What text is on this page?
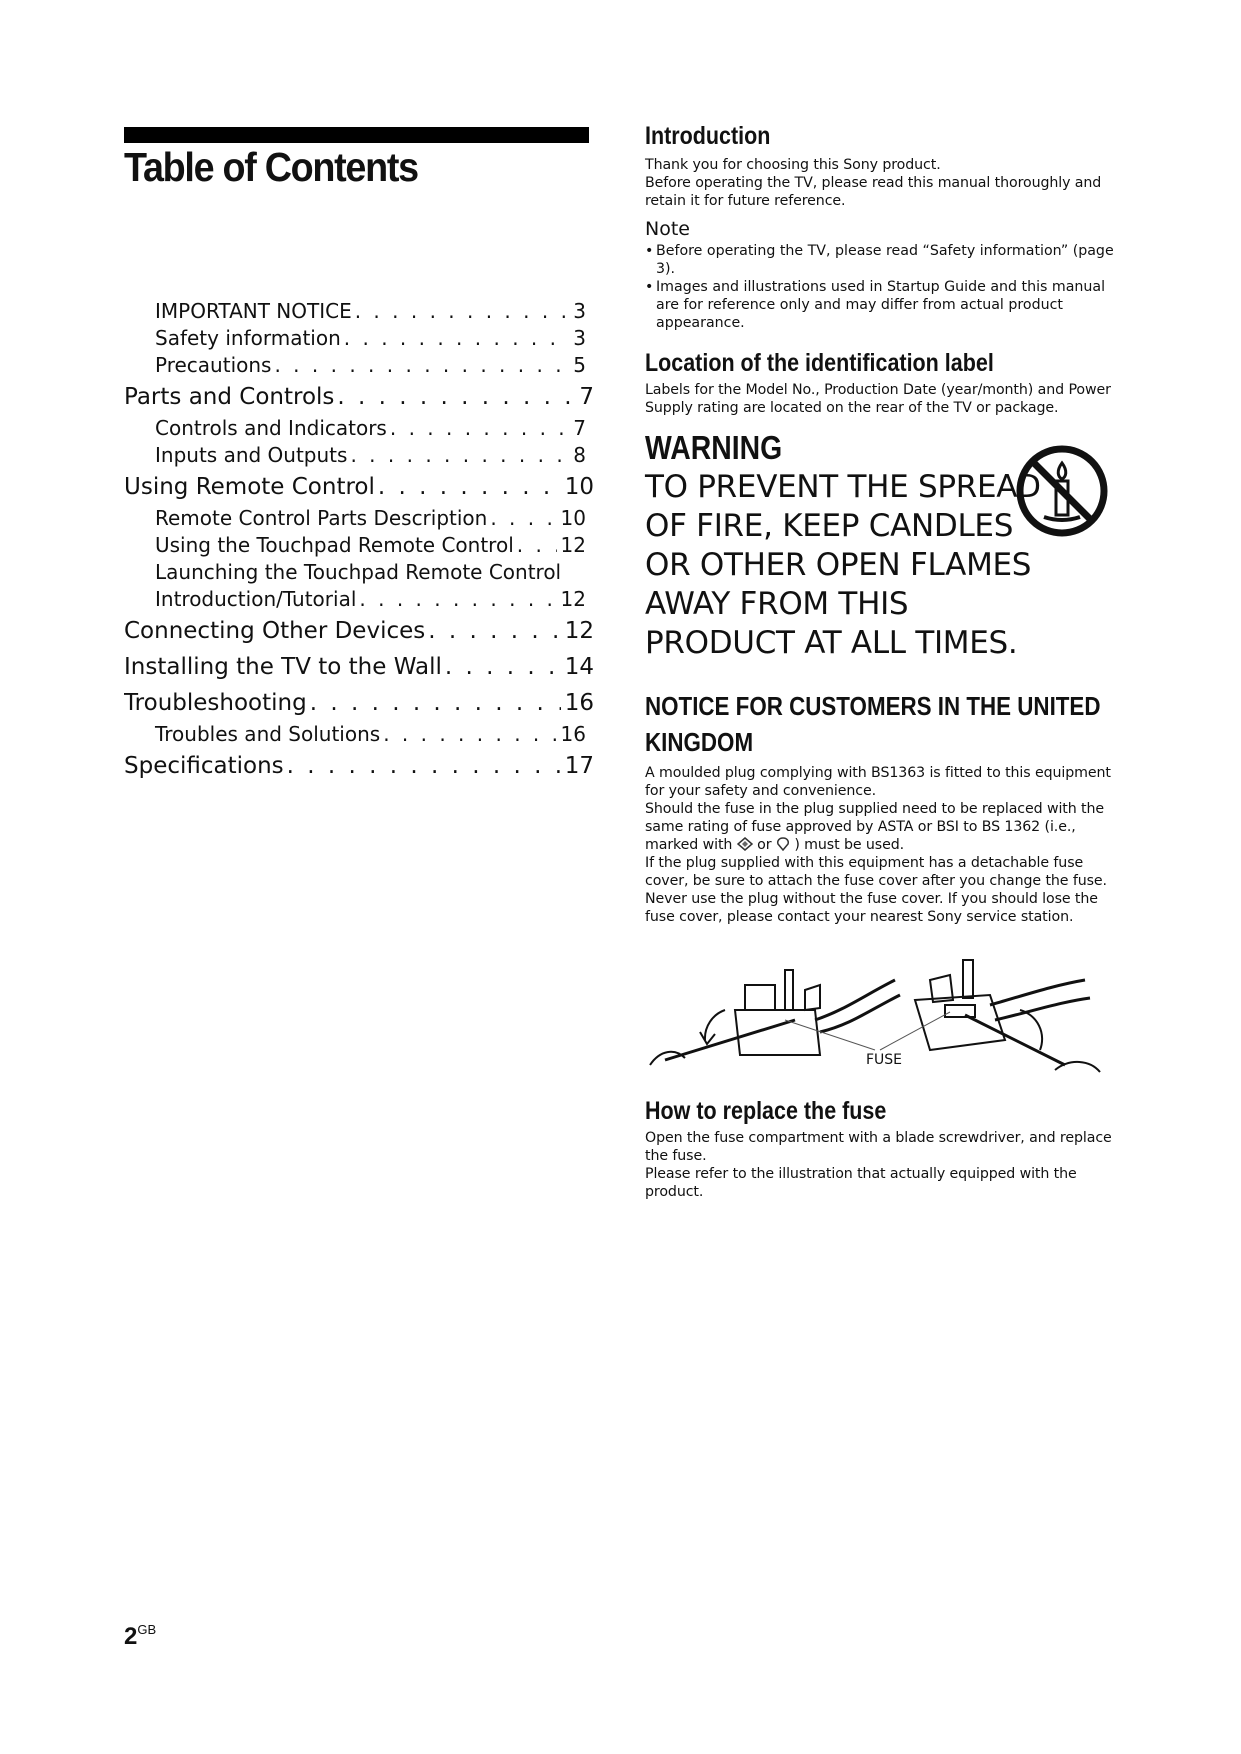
Table of Contents
IMPORTANT NOTICE . . .	3
Safety information . . .	3
Precautions . . .	5
Parts and Controls . . .	7
Controls and Indicators . . .	7
Inputs and Outputs . . .	8
Using Remote Control . . .	10
Remote Control Parts Description . . .	10
Using the Touchpad Remote Control . . . 12
Launching the Touchpad Remote Control
Introduction/Tutorial . . .	12
Connecting Other Devices . . .	12
Installing the TV to the Wall . . .	14
Troubleshooting . . .	16
Troubles and Solutions . . .	16
Specifications . . .	17
Introduction

Thank you for choosing this Sony product.

Before operating the TV, please read this manual thoroughly and retain it for future reference.

Note

• Before operating the TV, please read “Safety information” (page 3).
• Images and illustrations used in Startup Guide and this manual are for reference only and may differ from actual product appearance.
Location of the identification label

Labels for the Model No., Production Date (year/month) and Power Supply rating are located on the rear of the TV or package.

WARNING

TO PREVENT THE SPREAD OF FIRE, KEEP CANDLES OR OTHER OPEN FLAMES AWAY FROM THIS PRODUCT AT ALL TIMES.

NOTICE FOR CUSTOMERS IN THE UNITED
KINGDOM

A moulded plug complying with BS1363 is fitted to this equipment for your safety and convenience.

Should the fuse in the plug supplied need to be replaced with the same rating of fuse approved by ASTA or BSI to BS 1362 (i.e., marked with or ) must be used.

If the plug supplied with this equipment has a detachable fuse cover, be sure to attach the fuse cover after you change the fuse. Never use the plug without the fuse cover. If you should lose the fuse cover, please contact your nearest Sony service station.

FUSE
How to replace the fuse

Open the fuse compartment with a blade screwdriver, and replace the fuse.

Please refer to the illustration that actually equipped with the product.

$2^{GB}$
